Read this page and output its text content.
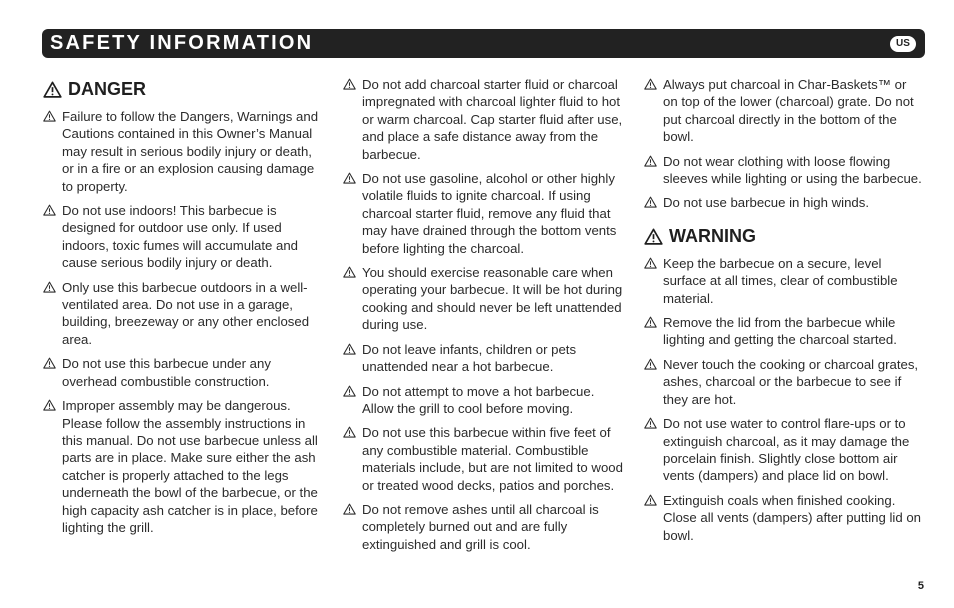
SAFETY INFORMATION	US
DANGER
Failure to follow the Dangers, Warnings and Cautions contained in this Owner’s Manual may result in serious bodily injury or death, or in a fire or an explosion causing damage to property.
Do not use indoors! This barbecue is designed for outdoor use only. If used indoors, toxic fumes will accumulate and cause serious bodily injury or death.
Only use this barbecue outdoors in a well-ventilated area. Do not use in a garage, building, breezeway or any other enclosed area.
Do not use this barbecue under any overhead combustible construction.
Improper assembly may be dangerous. Please follow the assembly instructions in this manual. Do not use barbecue unless all parts are in place. Make sure either the ash catcher is properly attached to the legs underneath the bowl of the barbecue, or the high capacity ash catcher is in place, before lighting the grill.
Do not add charcoal starter fluid or charcoal impregnated with charcoal lighter fluid to hot or warm charcoal. Cap starter fluid after use, and place a safe distance away from the barbecue.
Do not use gasoline, alcohol or other highly volatile fluids to ignite charcoal. If using charcoal starter fluid, remove any fluid that may have drained through the bottom vents before lighting the charcoal.
You should exercise reasonable care when operating your barbecue. It will be hot during cooking and should never be left unattended during use.
Do not leave infants, children or pets unattended near a hot barbecue.
Do not attempt to move a hot barbecue. Allow the grill to cool before moving.
Do not use this barbecue within five feet of any combustible material. Combustible materials include, but are not limited to wood or treated wood decks, patios and porches.
Do not remove ashes until all charcoal is completely burned out and are fully extinguished and grill is cool.
Always put charcoal in Char-Baskets™ or on top of the lower (charcoal) grate. Do not put charcoal directly in the bottom of the bowl.
Do not wear clothing with loose flowing sleeves while lighting or using the barbecue.
Do not use barbecue in high winds.
WARNING
Keep the barbecue on a secure, level surface at all times, clear of combustible material.
Remove the lid from the barbecue while lighting and getting the charcoal started.
Never touch the cooking or charcoal grates, ashes, charcoal or the barbecue to see if they are hot.
Do not use water to control flare-ups or to extinguish charcoal, as it may damage the porcelain finish. Slightly close bottom air vents (dampers) and place lid on bowl.
Extinguish coals when finished cooking. Close all vents (dampers) after putting lid on bowl.
5
